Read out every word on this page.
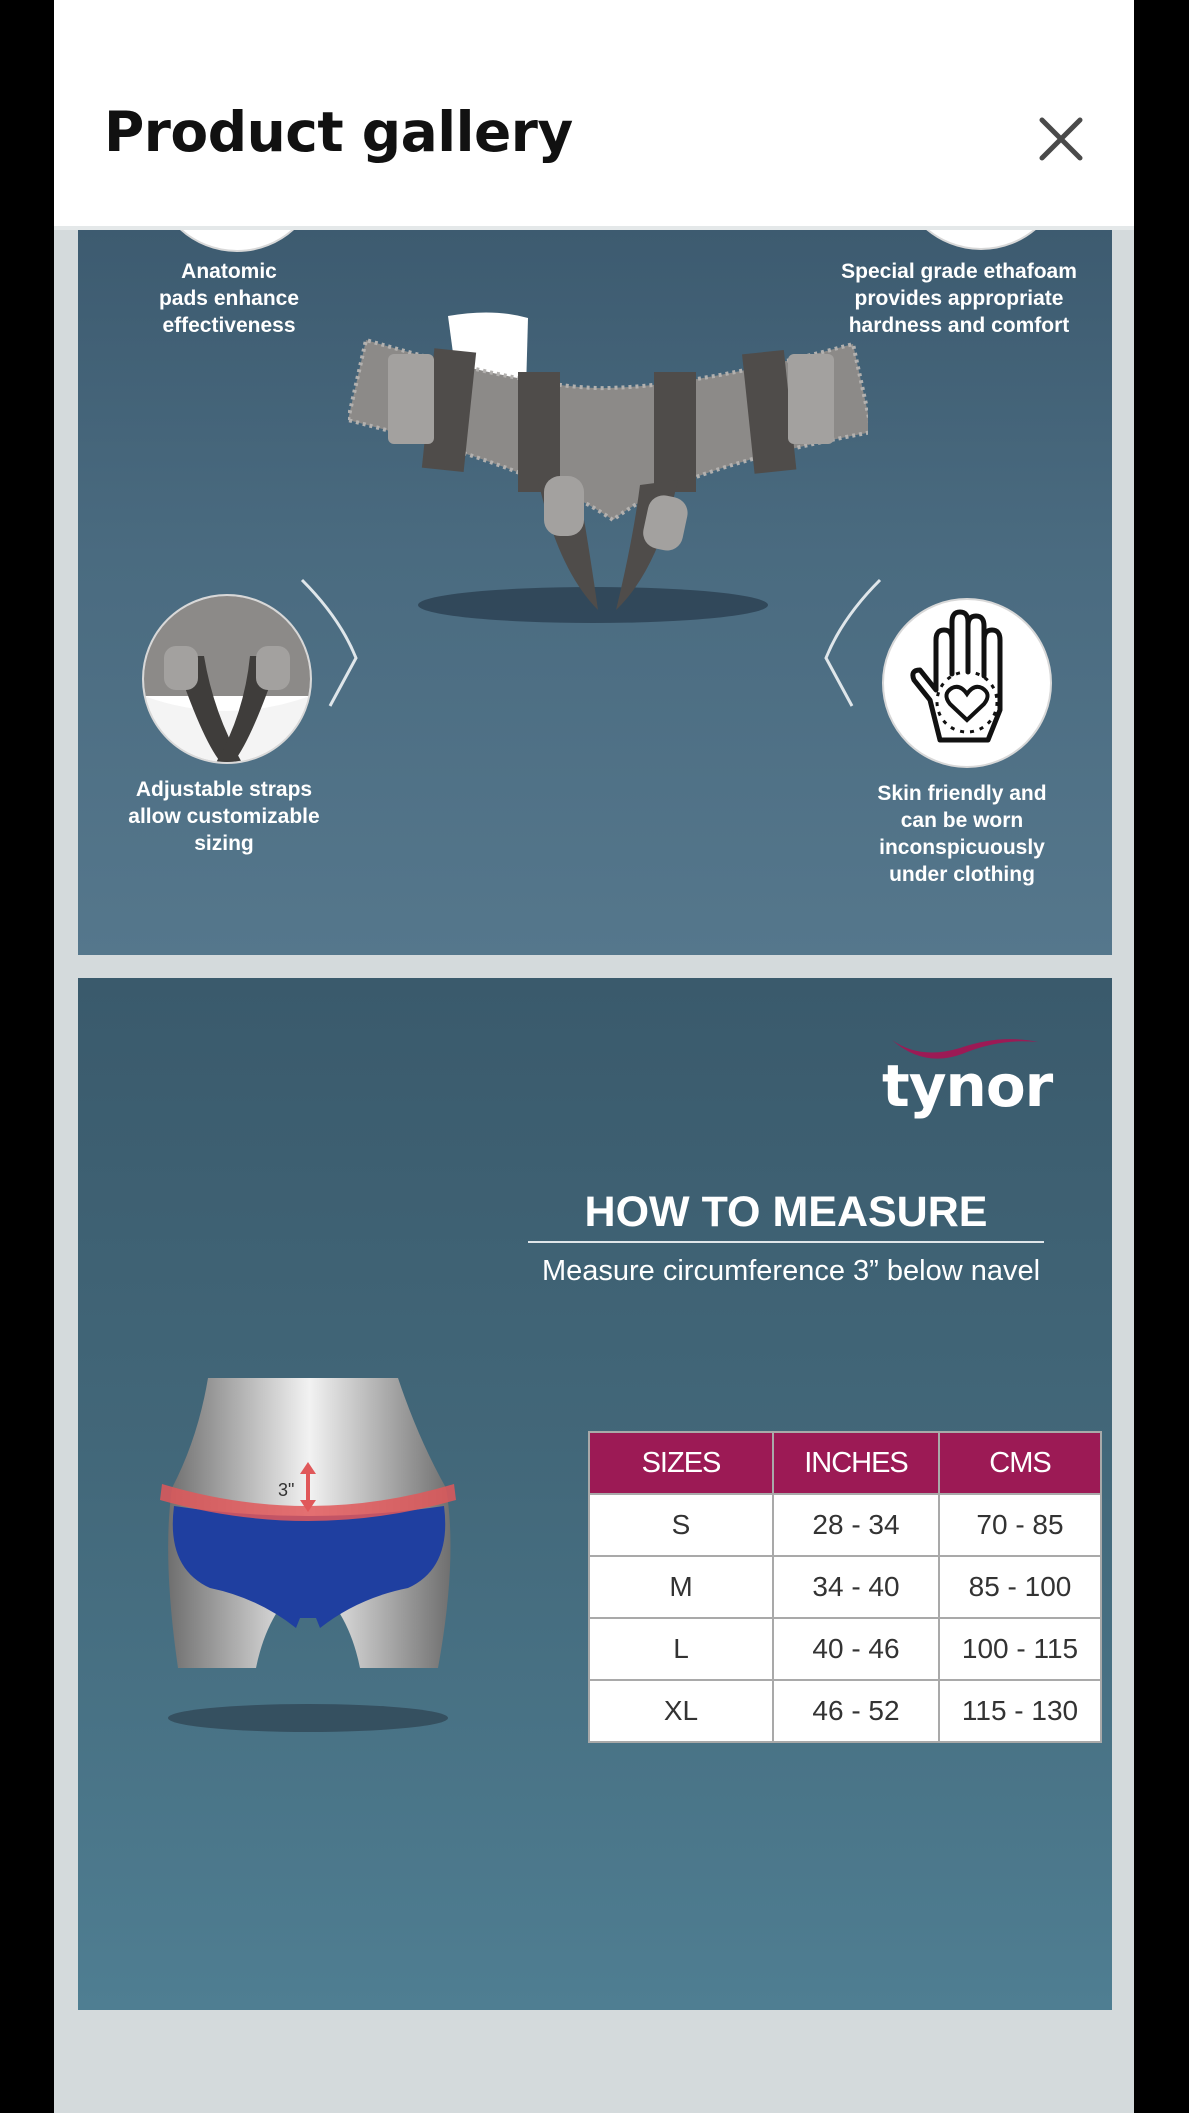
Product gallery
Anatomic pads enhance effectiveness
Special grade ethafoam provides appropriate hardness and comfort
Adjustable straps allow customizable sizing
Skin friendly and can be worn inconspicuously under clothing
tynor
HOW TO MEASURE
Measure circumference 3” below navel
3"
SIZES	INCHES	CMS
S	28 - 34	70 - 85
M	34 - 40	85 - 100
L	40 - 46	100 - 115
XL	46 - 52	115 - 130
